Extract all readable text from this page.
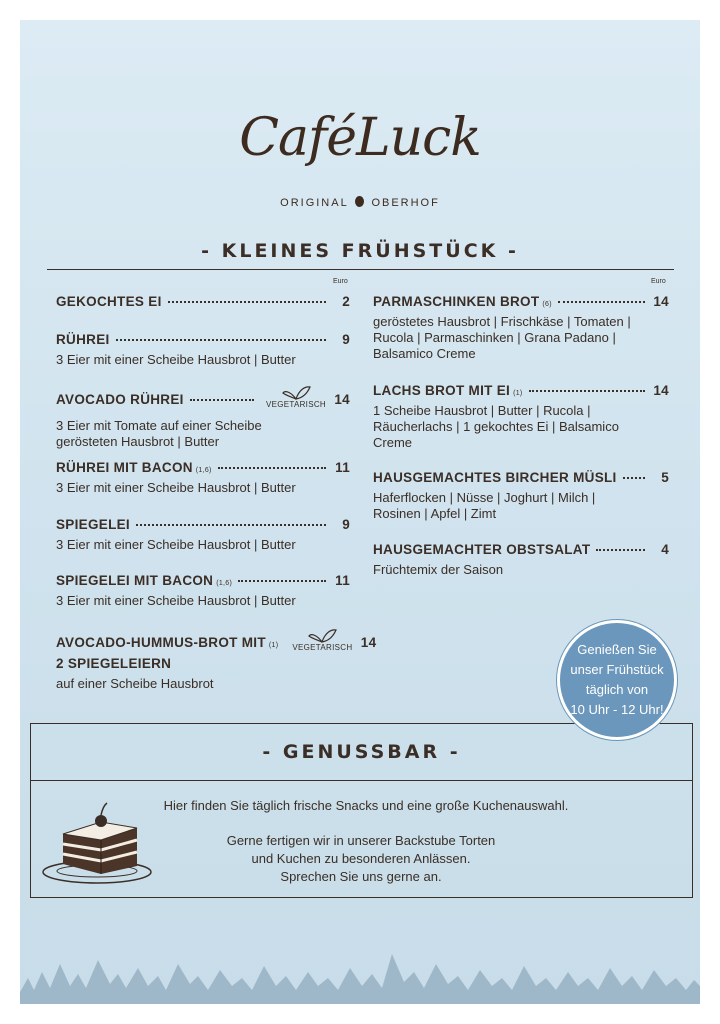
CaféLuck
ORIGINAL OBERHOF
- KLEINES FRÜHSTÜCK -
Euro	Euro
GEKOCHTES EI	2
RÜHREI	9
3 Eier mit einer Scheibe Hausbrot | Butter
AVOCADO RÜHREI	VEGETARISCH 14
3 Eier mit Tomate auf einer Scheibe gerösteten Hausbrot | Butter
RÜHREI MIT BACON (1,6)	11
3 Eier mit einer Scheibe Hausbrot | Butter
SPIEGELEI	9
3 Eier mit einer Scheibe Hausbrot | Butter
SPIEGELEI MIT BACON (1,6)	11
3 Eier mit einer Scheibe Hausbrot | Butter
AVOCADO-HUMMUS-BROT MIT (1) VEGETARISCH 14
2 SPIEGELEIERN
auf einer Scheibe Hausbrot
PARMASCHINKEN BROT (6)	14
geröstetes Hausbrot | Frischkäse | Tomaten | Rucola | Parmaschinken | Grana Padano | Balsamico Creme
LACHS BROT MIT EI (1)	14
1 Scheibe Hausbrot | Butter | Rucola | Räucherlachs | 1 gekochtes Ei | Balsamico Creme
HAUSGEMACHTES BIRCHER MÜSLI	5
Haferflocken | Nüsse | Joghurt | Milch | Rosinen | Apfel | Zimt
HAUSGEMACHTER OBSTSALAT	4
Früchtemix der Saison
- GENUSSBAR -
Hier finden Sie täglich frische Snacks und eine große Kuchenauswahl.
Gerne fertigen wir in unserer Backstube Torten
und Kuchen zu besonderen Anlässen.
Sprechen Sie uns gerne an.
Genießen Sie
unser Frühstück
täglich von
10 Uhr - 12 Uhr!
